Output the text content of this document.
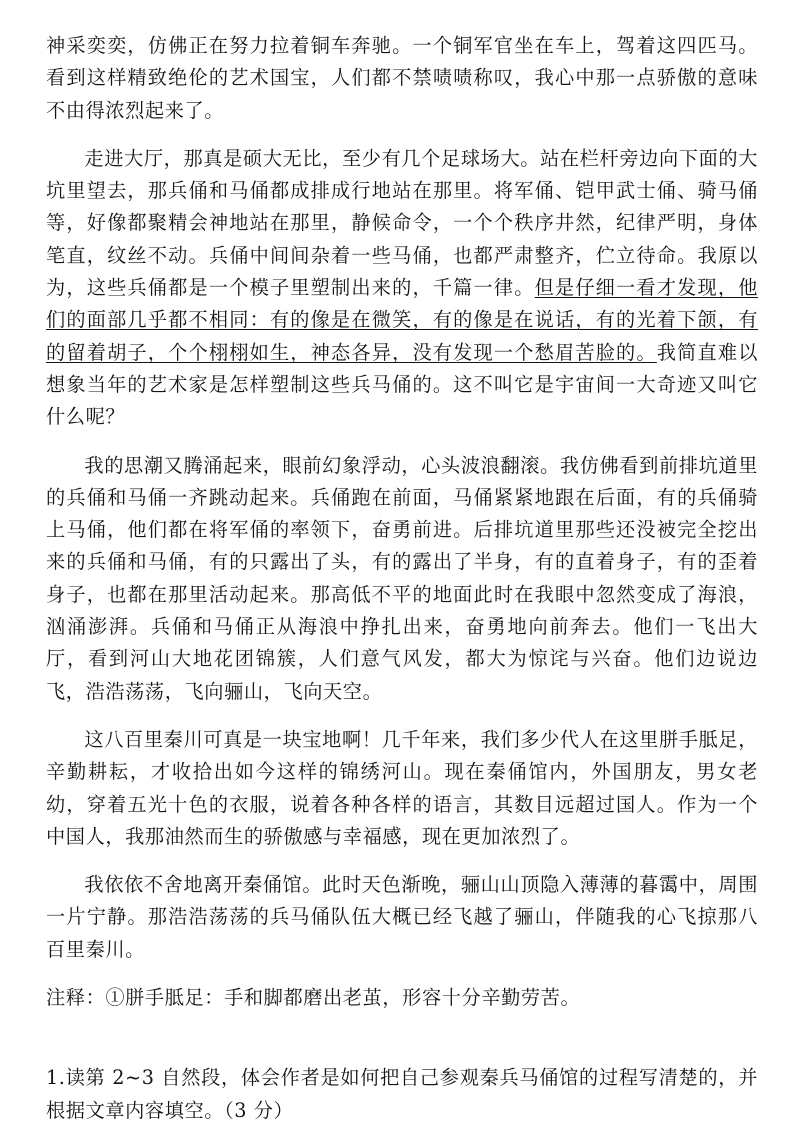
神采奕奕，仿佛正在努力拉着铜车奔驰。一个铜军官坐在车上，驾着这四匹马。看到这样精致绝伦的艺术国宝，人们都不禁啧啧称叹，我心中那一点骄傲的意味不由得浓烈起来了。

走进大厅，那真是硕大无比，至少有几个足球场大。站在栏杆旁边向下面的大坑里望去，那兵俑和马俑都成排成行地站在那里。将军俑、铠甲武士俑、骑马俑等，好像都聚精会神地站在那里，静候命令，一个个秩序井然，纪律严明，身体笔直，纹丝不动。兵俑中间间杂着一些马俑，也都严肃整齐，伫立待命。我原以为，这些兵俑都是一个模子里塑制出来的，千篇一律。但是仔细一看才发现，他们的面部几乎都不相同：有的像是在微笑，有的像是在说话，有的光着下颌，有的留着胡子，个个栩栩如生，神态各异，没有发现一个愁眉苦脸的。我简直难以想象当年的艺术家是怎样塑制这些兵马俑的。这不叫它是宇宙间一大奇迹又叫它什么呢？

我的思潮又腾涌起来，眼前幻象浮动，心头波浪翻滚。我仿佛看到前排坑道里的兵俑和马俑一齐跳动起来。兵俑跑在前面，马俑紧紧地跟在后面，有的兵俑骑上马俑，他们都在将军俑的率领下，奋勇前进。后排坑道里那些还没被完全挖出来的兵俑和马俑，有的只露出了头，有的露出了半身，有的直着身子，有的歪着身子，也都在那里活动起来。那高低不平的地面此时在我眼中忽然变成了海浪，汹涌澎湃。兵俑和马俑正从海浪中挣扎出来，奋勇地向前奔去。他们一飞出大厅，看到河山大地花团锦簇，人们意气风发，都大为惊诧与兴奋。他们边说边飞，浩浩荡荡，飞向骊山，飞向天空。

这八百里秦川可真是一块宝地啊！几千年来，我们多少代人在这里胼手胝足，辛勤耕耘，才收拾出如今这样的锦绣河山。现在秦俑馆内，外国朋友，男女老幼，穿着五光十色的衣服，说着各种各样的语言，其数目远超过国人。作为一个中国人，我那油然而生的骄傲感与幸福感，现在更加浓烈了。

我依依不舍地离开秦俑馆。此时天色渐晚，骊山山顶隐入薄薄的暮霭中，周围一片宁静。那浩浩荡荡的兵马俑队伍大概已经飞越了骊山，伴随我的心飞掠那八百里秦川。

注释：①胼手胝足：手和脚都磨出老茧，形容十分辛勤劳苦。

1.读第 2~3 自然段，体会作者是如何把自己参观秦兵马俑馆的过程写清楚的，并根据文章内容填空。（3 分）
